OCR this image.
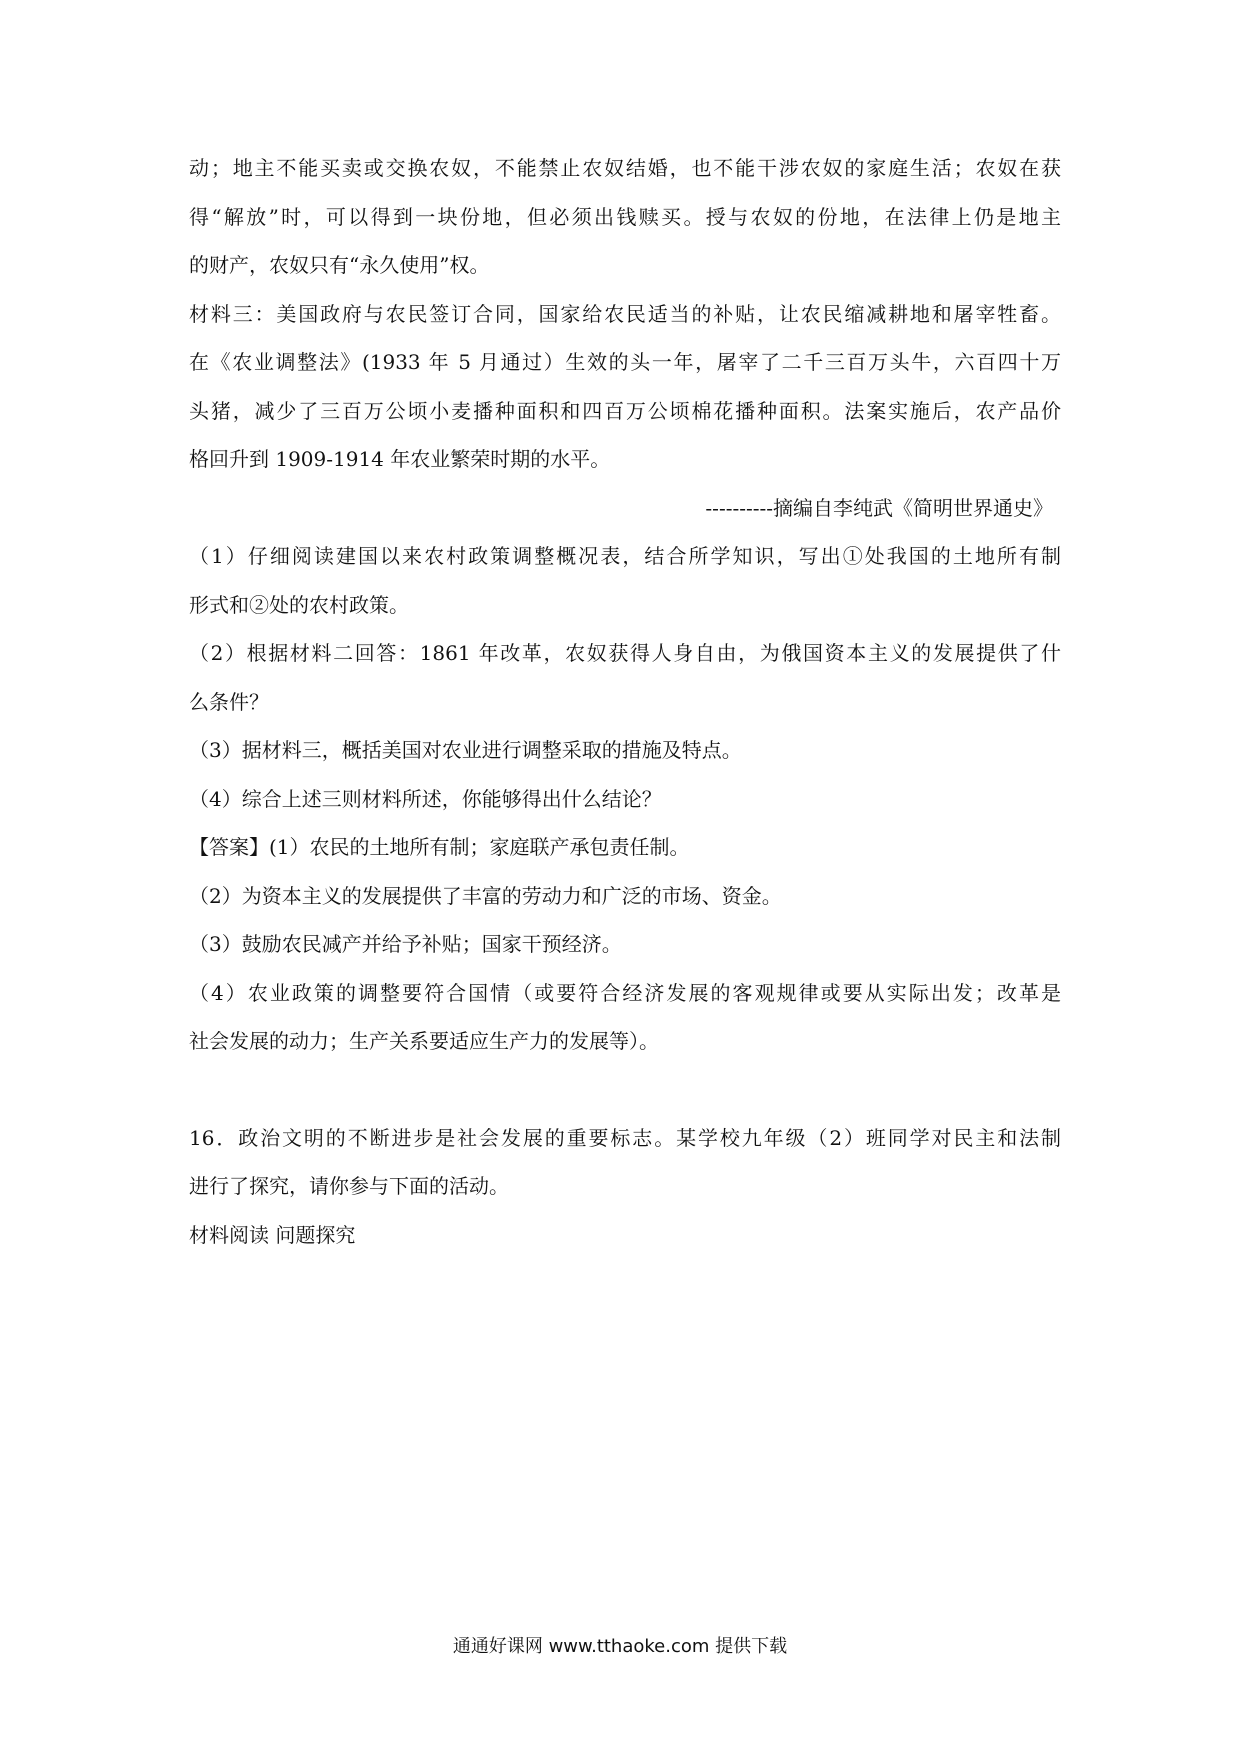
动；地主不能买卖或交换农奴，不能禁止农奴结婚，也不能干涉农奴的家庭生活；农奴在获
得“解放”时，可以得到一块份地，但必须出钱赎买。授与农奴的份地，在法律上仍是地主
的财产，农奴只有“永久使用”权。
材料三：美国政府与农民签订合同，国家给农民适当的补贴，让农民缩减耕地和屠宰牲畜。
在《农业调整法》(1933 年 5 月通过）生效的头一年，屠宰了二千三百万头牛，六百四十万
头猪，减少了三百万公顷小麦播种面积和四百万公顷棉花播种面积。法案实施后，农产品价
格回升到 1909-1914 年农业繁荣时期的水平。
----------摘编自李纯武《简明世界通史》
（1）仔细阅读建国以来农村政策调整概况表，结合所学知识，写出①处我国的土地所有制
形式和②处的农村政策。
（2）根据材料二回答：1861 年改革，农奴获得人身自由，为俄国资本主义的发展提供了什
么条件？
（3）据材料三，概括美国对农业进行调整采取的措施及特点。
（4）综合上述三则材料所述，你能够得出什么结论？
【答案】(1）农民的土地所有制；家庭联产承包责任制。
（2）为资本主义的发展提供了丰富的劳动力和广泛的市场、资金。
（3）鼓励农民减产并给予补贴；国家干预经济。
（4）农业政策的调整要符合国情（或要符合经济发展的客观规律或要从实际出发；改革是
社会发展的动力；生产关系要适应生产力的发展等）。
16．政治文明的不断进步是社会发展的重要标志。某学校九年级（2）班同学对民主和法制
进行了探究，请你参与下面的活动。
材料阅读 问题探究
通通好课网 www.tthaoke.com 提供下载
